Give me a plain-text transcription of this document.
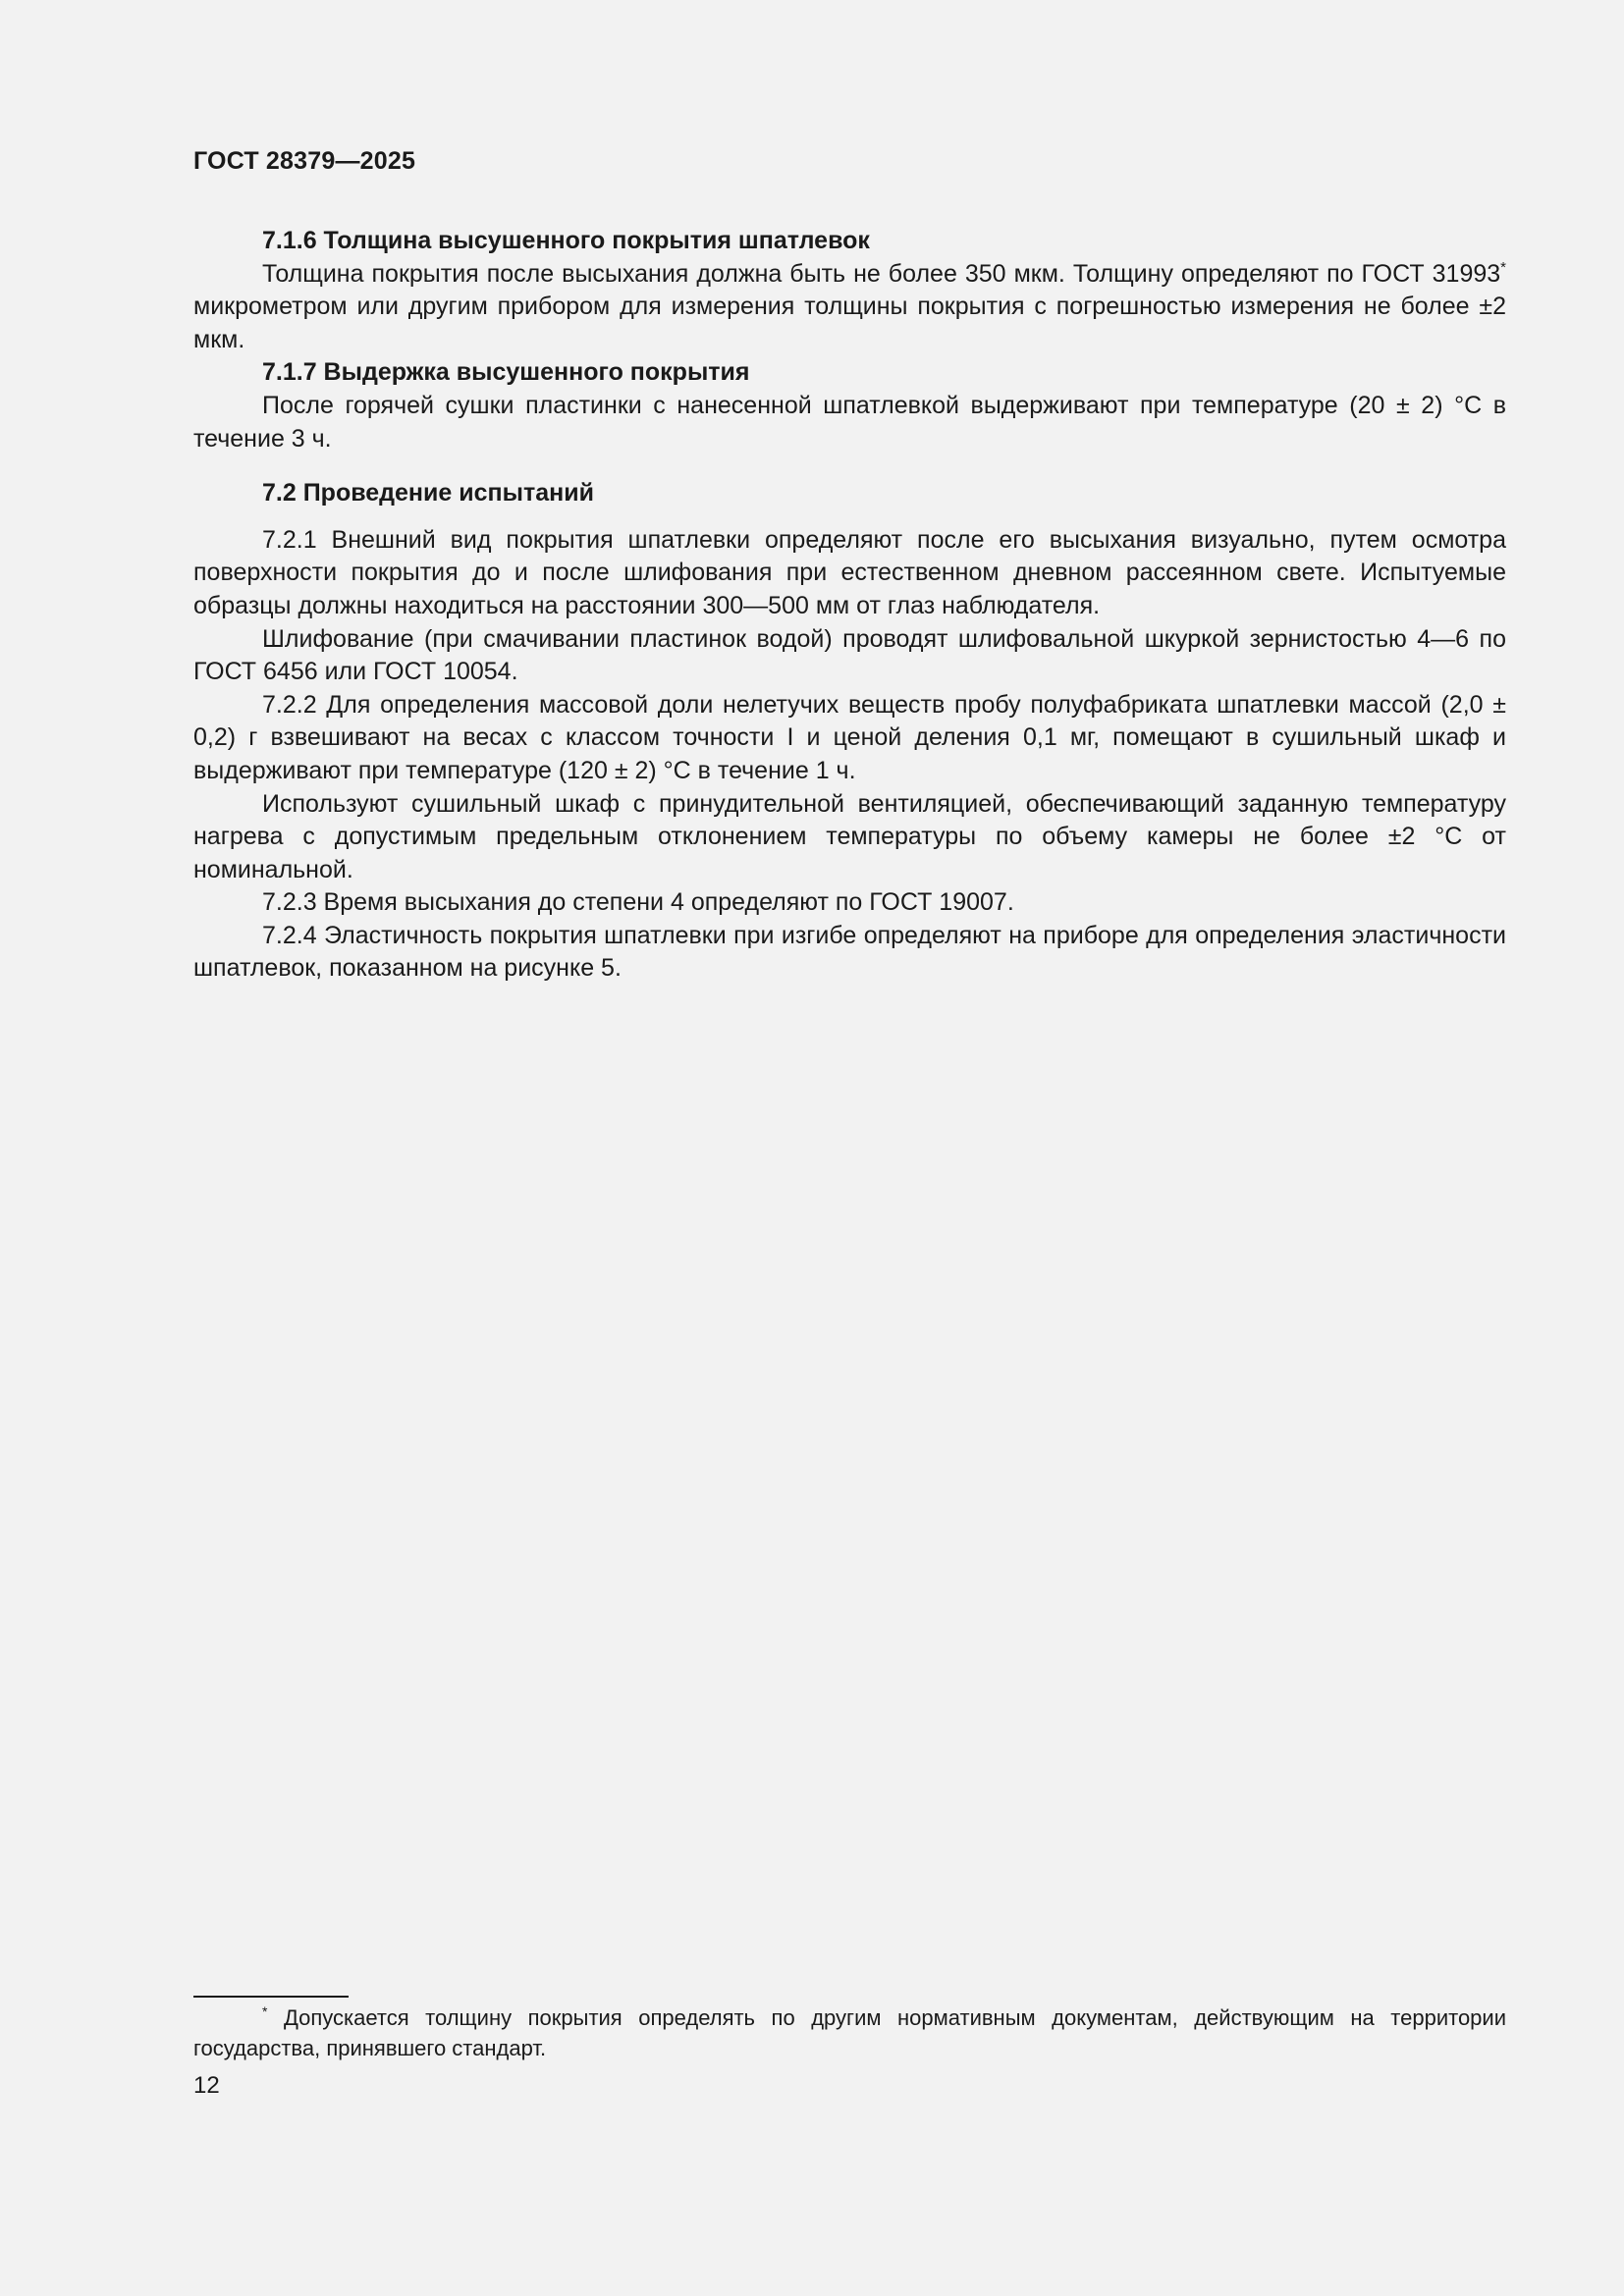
ГОСТ 28379—2025

7.1.6 Толщина высушенного покрытия шпатлевок

Толщина покрытия после высыхания должна быть не более 350 мкм. Толщину определяют по ГОСТ 31993* микрометром или другим прибором для измерения толщины покрытия с погрешностью измерения не более ±2 мкм.

7.1.7 Выдержка высушенного покрытия

После горячей сушки пластинки с нанесенной шпатлевкой выдерживают при температуре (20 ± 2) °С в течение 3 ч.

7.2 Проведение испытаний

7.2.1 Внешний вид покрытия шпатлевки определяют после его высыхания визуально, путем осмотра поверхности покрытия до и после шлифования при естественном дневном рассеянном свете. Испытуемые образцы должны находиться на расстоянии 300—500 мм от глаз наблюдателя.

Шлифование (при смачивании пластинок водой) проводят шлифовальной шкуркой зернистостью 4—6 по ГОСТ 6456 или ГОСТ 10054.

7.2.2 Для определения массовой доли нелетучих веществ пробу полуфабриката шпатлевки массой (2,0 ± 0,2) г взвешивают на весах с классом точности I и ценой деления 0,1 мг, помещают в сушильный шкаф и выдерживают при температуре (120 ± 2) °С в течение 1 ч.

Используют сушильный шкаф с принудительной вентиляцией, обеспечивающий заданную температуру нагрева с допустимым предельным отклонением температуры по объему камеры не более ±2 °С от номинальной.

7.2.3 Время высыхания до степени 4 определяют по ГОСТ 19007.

7.2.4 Эластичность покрытия шпатлевки при изгибе определяют на приборе для определения эластичности шпатлевок, показанном на рисунке 5.

* Допускается толщину покрытия определять по другим нормативным документам, действующим на территории государства, принявшего стандарт.
12
